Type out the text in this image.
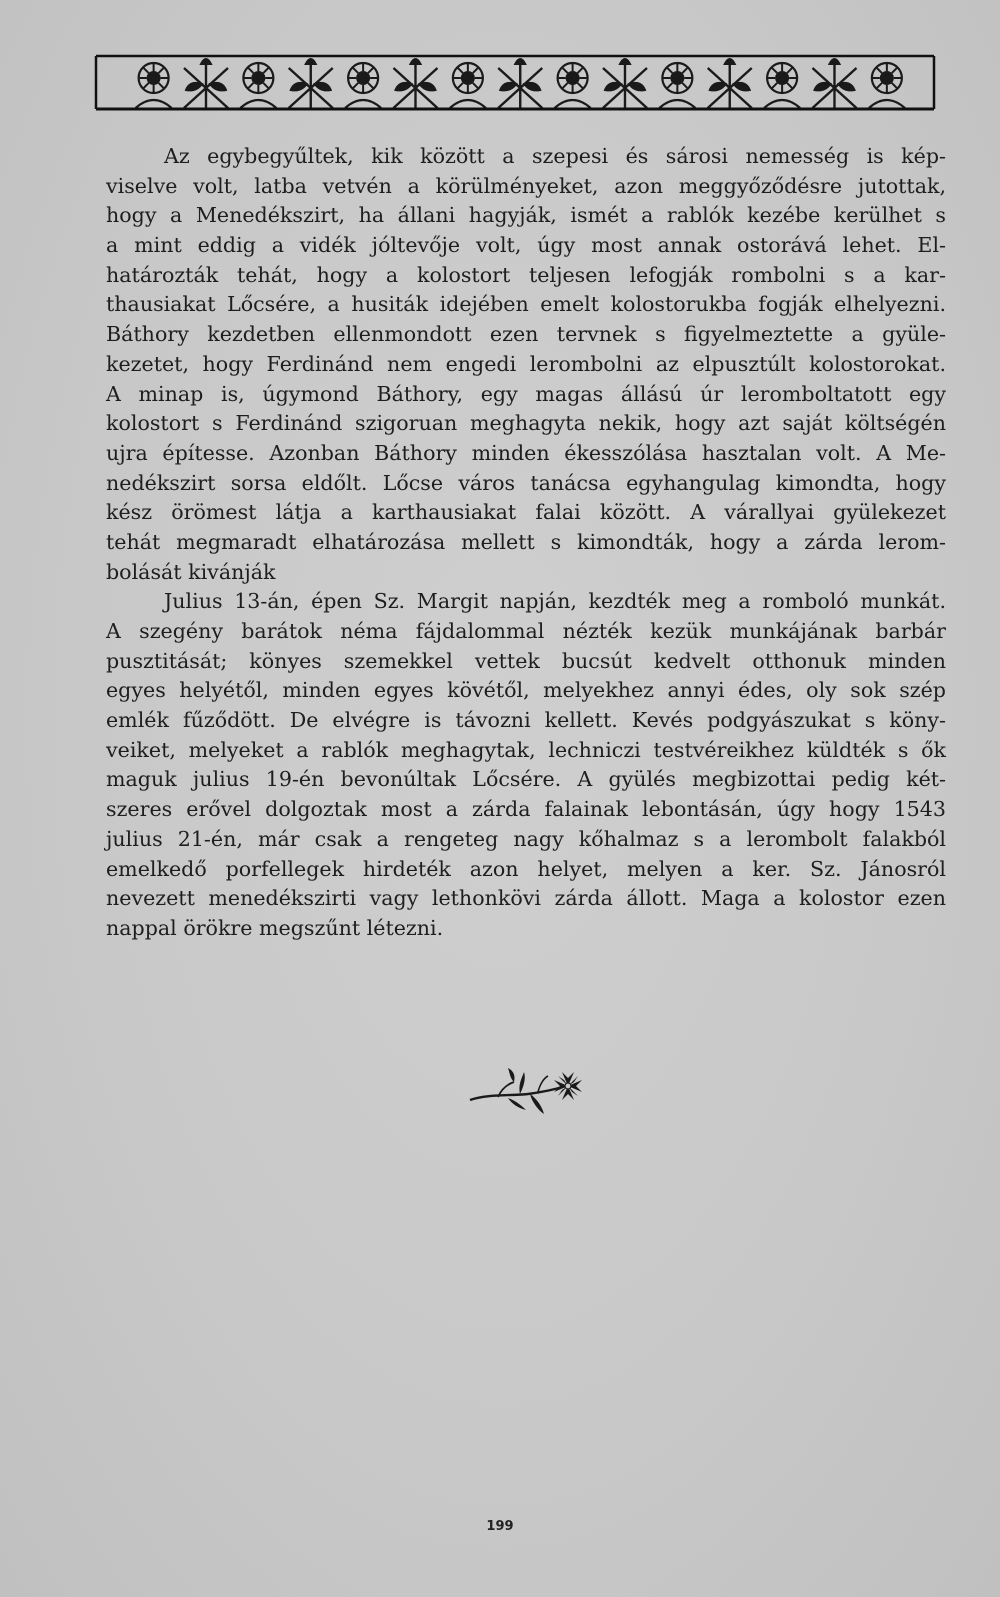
Az egybegyűltek, kik között a szepesi és sárosi nemesség is kép-
viselve volt, latba vetvén a körülményeket, azon meggyőződésre jutottak,
hogy a Menedékszirt, ha állani hagyják, ismét a rablók kezébe kerülhet s
a mint eddig a vidék jóltevője volt, úgy most annak ostorává lehet. El-
határozták tehát, hogy a kolostort teljesen lefogják rombolni s a kar-
thausiakat Lőcsére, a husiták idejében emelt kolostorukba fogják elhelyezni.
Báthory kezdetben ellenmondott ezen tervnek s figyelmeztette a gyüle-
kezetet, hogy Ferdinánd nem engedi lerombolni az elpusztúlt kolostorokat.
A minap is, úgymond Báthory, egy magas állású úr leromboltatott egy
kolostort s Ferdinánd szigoruan meghagyta nekik, hogy azt saját költségén
ujra építesse. Azonban Báthory minden ékesszólása hasztalan volt. A Me-
nedékszirt sorsa eldőlt. Lőcse város tanácsa egyhangulag kimondta, hogy
kész örömest látja a karthausiakat falai között. A várallyai gyülekezet
tehát megmaradt elhatározása mellett s kimondták, hogy a zárda lerom-
bolását kivánják
Julius 13-án, épen Sz. Margit napján, kezdték meg a romboló munkát.
A szegény barátok néma fájdalommal nézték kezük munkájának barbár
pusztitását; könyes szemekkel vettek bucsút kedvelt otthonuk minden
egyes helyétől, minden egyes kövétől, melyekhez annyi édes, oly sok szép
emlék fűződött. De elvégre is távozni kellett. Kevés podgyászukat s köny-
veiket, melyeket a rablók meghagytak, lechniczi testvéreikhez küldték s ők
maguk julius 19-én bevonúltak Lőcsére. A gyülés megbizottai pedig két-
szeres erővel dolgoztak most a zárda falainak lebontásán, úgy hogy 1543
julius 21-én, már csak a rengeteg nagy kőhalmaz s a lerombolt falakból
emelkedő porfellegek hirdeték azon helyet, melyen a ker. Sz. Jánosról
nevezett menedékszirti vagy lethonkövi zárda állott. Maga a kolostor ezen
nappal örökre megszűnt létezni.
199
